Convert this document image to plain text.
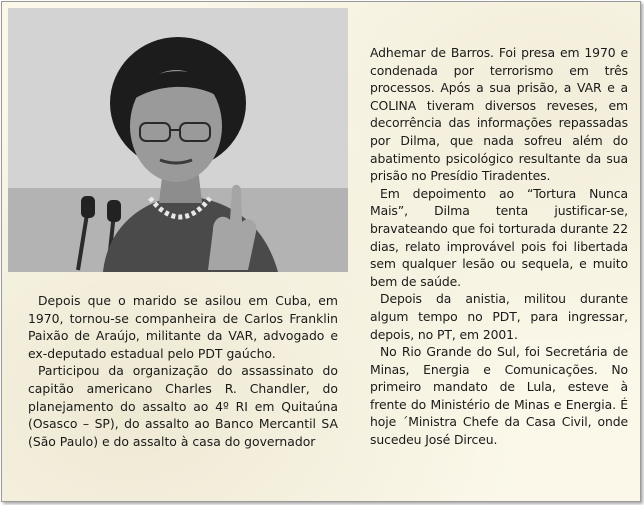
Depois que o marido se asilou em Cuba, em 1970, tornou-se companheira de Carlos Franklin Paixão de Araújo, militante da VAR, advogado e ex-deputado estadual pelo PDT gaúcho.

Participou da organização do assassinato do capitão americano Charles R. Chandler, do planejamento do assalto ao 4º RI em Quitaúna (Osasco – SP), do assalto ao Banco Mercantil SA (São Paulo) e do assalto à casa do governador

Adhemar de Barros. Foi presa em 1970 e condenada por terrorismo em três processos. Após a sua prisão, a VAR e a COLINA tiveram diversos reveses, em decorrência das informações repassadas por Dilma, que nada sofreu além do abatimento psicológico resultante da sua prisão no Presídio Tiradentes.

Em depoimento ao “Tortura Nunca Mais”, Dilma tenta justificar-se, bravateando que foi torturada durante 22 dias, relato improvável pois foi libertada sem qualquer lesão ou sequela, e muito bem de saúde.

Depois da anistia, militou durante algum tempo no PDT, para ingressar, depois, no PT, em 2001.

No Rio Grande do Sul, foi Secretária de Minas, Energia e Comunicações. No primeiro mandato de Lula, esteve à frente do Ministério de Minas e Energia. É hoje ´Ministra Chefe da Casa Civil, onde sucedeu José Dirceu.
